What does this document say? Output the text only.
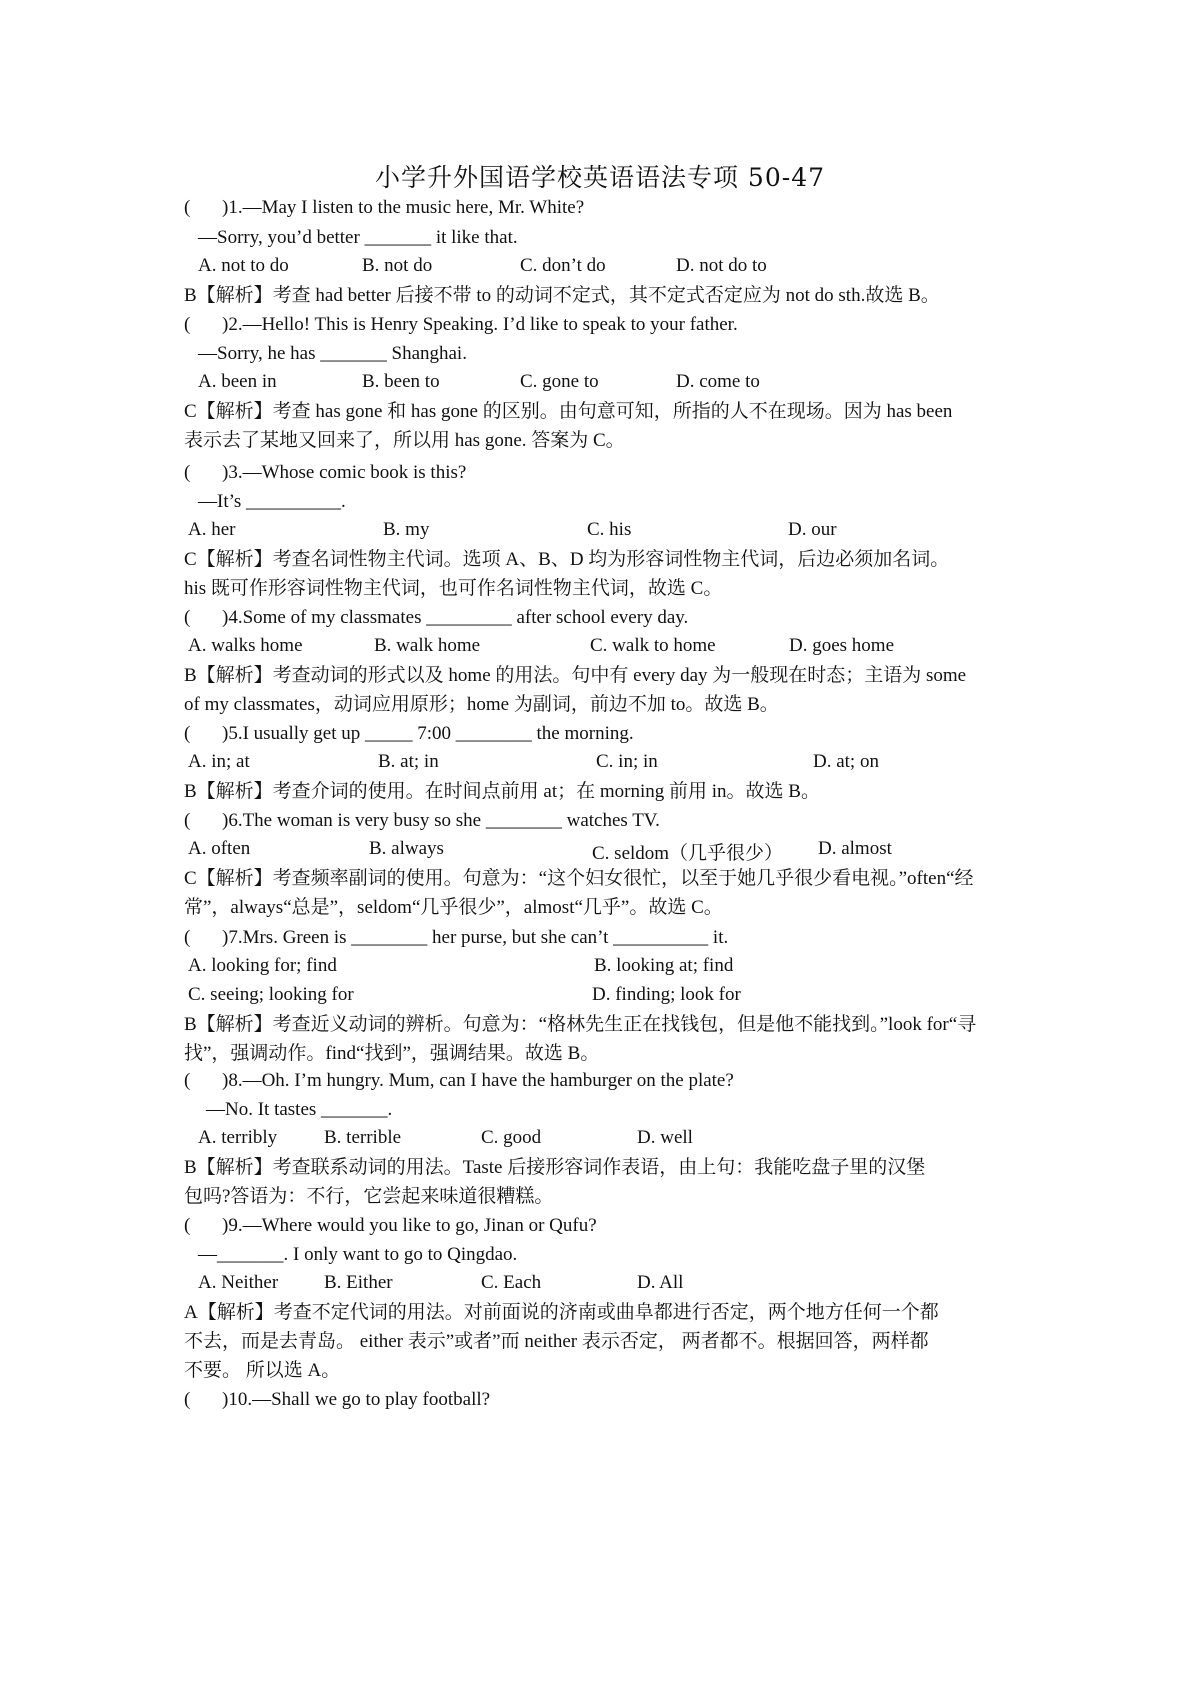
小学升外国语学校英语语法专项 50-47
( )1.—May I listen to the music here, Mr. White?
—Sorry, you’d better _______ it like that.
A. not to do	B. not do	C. don’t do	D. not do to
B【解析】考查 had better 后接不带 to 的动词不定式，其不定式否定应为 not do sth.故选 B。
( )2.—Hello! This is Henry Speaking. I’d like to speak to your father.
—Sorry, he has _______ Shanghai.
A. been in	B. been to	C. gone to	D. come to
C【解析】考查 has gone 和 has gone 的区别。由句意可知，所指的人不在现场。因为 has been
表示去了某地又回来了，所以用 has gone. 答案为 C。
( )3.—Whose comic book is this?
—It’s __________.
A. her	B. my	C. his	D. our
C【解析】考查名词性物主代词。选项 A、B、D 均为形容词性物主代词，后边必须加名词。
his 既可作形容词性物主代词，也可作名词性物主代词，故选 C。
( )4.Some of my classmates _________ after school every day.
A. walks home	B. walk home	C. walk to home	D. goes home
B【解析】考查动词的形式以及 home 的用法。句中有 every day 为一般现在时态；主语为 some
of my classmates，动词应用原形；home 为副词，前边不加 to。故选 B。
( )5.I usually get up _____ 7:00 ________ the morning.
A. in; at	B. at; in	C. in; in	D. at; on
B【解析】考查介词的使用。在时间点前用 at；在 morning 前用 in。故选 B。
( )6.The woman is very busy so she ________ watches TV.
A. often	B. always	C. seldom（几乎很少） D. almost
C【解析】考查频率副词的使用。句意为：“这个妇女很忙，以至于她几乎很少看电视。”often“经
常”，always“总是”，seldom“几乎很少”，almost“几乎”。故选 C。
( )7.Mrs. Green is ________ her purse, but she can’t __________ it.
A. looking for; find	B. looking at; find
C. seeing; looking for	D. finding; look for
B【解析】考查近义动词的辨析。句意为：“格林先生正在找钱包，但是他不能找到。”look for“寻
找”，强调动作。find“找到”，强调结果。故选 B。
( )8.—Oh. I’m hungry. Mum, can I have the hamburger on the plate?
—No. It tastes _______.
A. terribly B. terrible	C. good	D. well
B【解析】考查联系动词的用法。Taste 后接形容词作表语，由上句：我能吃盘子里的汉堡
包吗?答语为：不行，它尝起来味道很糟糕。
( )9.—Where would you like to go, Jinan or Qufu?
—_______. I only want to go to Qingdao.
A. Neither B. Either	C. Each	D. All
A【解析】考查不定代词的用法。对前面说的济南或曲阜都进行否定，两个地方任何一个都
不去，而是去青岛。 either 表示”或者”而 neither 表示否定， 两者都不。根据回答，两样都
不要。 所以选 A。
( )10.—Shall we go to play football?
